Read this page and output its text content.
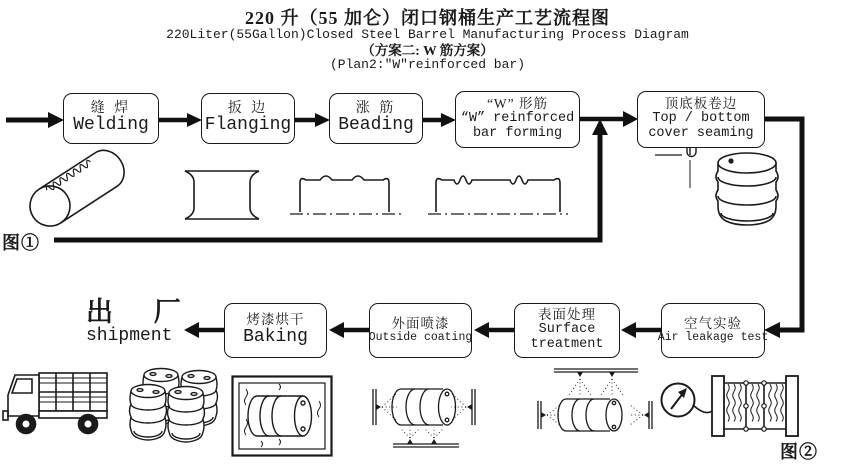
220 升（55 加仑）闭口钢桶生产工艺流程图
220Liter(55Gallon)Closed Steel Barrel Manufacturing Process Diagram
（方案二: W 筋方案）
(Plan2:"W"reinforced bar)
缝 焊
Welding
扳 边
Flanging
涨 筋
Beading
“W” 形筋
“W” reinforced
bar forming
顶底板卷边
Top / bottom
cover seaming
空气实验
Air leakage test
表面处理
Surface
treatment
外面喷漆
Outside coating
烤漆烘干
Baking
出 厂
shipment
图①
图②
